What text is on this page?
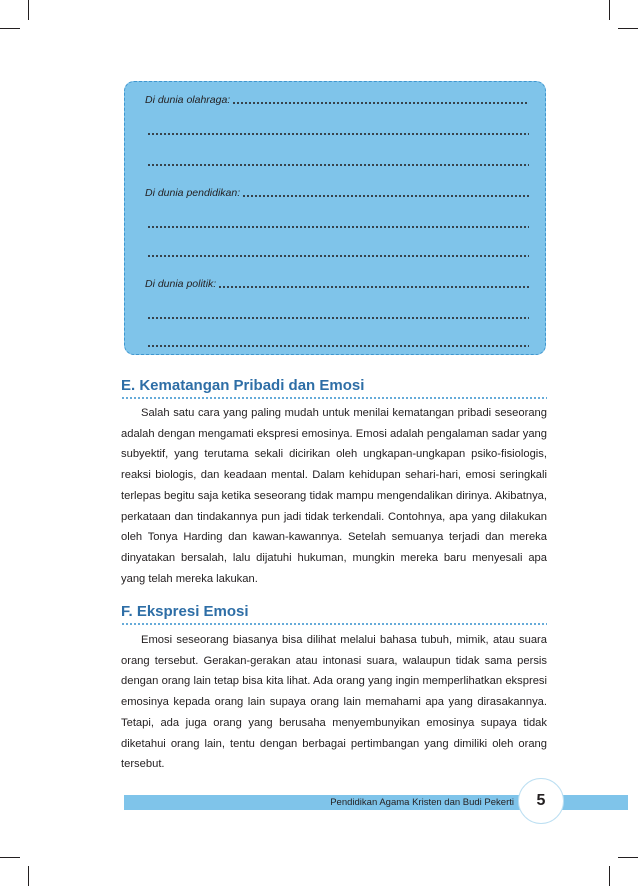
Di dunia olahraga:
Di dunia pendidikan:
Di dunia politik:
E. Kematangan Pribadi dan Emosi

Salah satu cara yang paling mudah untuk menilai kematangan pribadi seseorang adalah dengan mengamati ekspresi emosinya. Emosi adalah pengalaman sadar yang subyektif, yang terutama sekali dicirikan oleh ungkapan-ungkapan psiko-fisiologis, reaksi biologis, dan keadaan mental. Dalam kehidupan sehari-hari, emosi seringkali terlepas begitu saja ketika seseorang tidak mampu mengendalikan dirinya. Akibatnya, perkataan dan tindakannya pun jadi tidak terkendali. Contohnya, apa yang dilakukan oleh Tonya Harding dan kawan-kawannya. Setelah semuanya terjadi dan mereka dinyatakan bersalah, lalu dijatuhi hukuman, mungkin mereka baru menyesali apa yang telah mereka lakukan.

F. Ekspresi Emosi

Emosi seseorang biasanya bisa dilihat melalui bahasa tubuh, mimik, atau suara orang tersebut. Gerakan-gerakan atau intonasi suara, walaupun tidak sama persis dengan orang lain tetap bisa kita lihat. Ada orang yang ingin memperlihatkan ekspresi emosinya kepada orang lain supaya orang lain memahami apa yang dirasakannya. Tetapi, ada juga orang yang berusaha menyembunyikan emosinya supaya tidak diketahui orang lain, tentu dengan berbagai pertimbangan yang dimiliki oleh orang tersebut.

Pendidikan Agama Kristen dan Budi Pekerti	5
